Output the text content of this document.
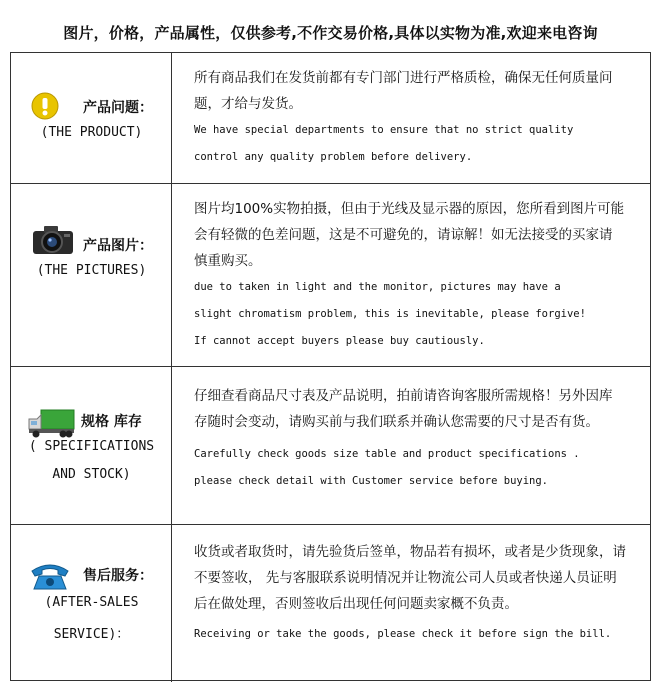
图片，价格，产品属性，仅供参考,不作交易价格,具体以实物为准,欢迎来电咨询
产品问题：
(THE PRODUCT)

所有商品我们在发货前都有专门部门进行严格质检，确保无任何质量问

题，才给与发货。

We have special departments to ensure that no strict quality

control any quality problem before delivery.

产品图片：
(THE PICTURES)

图片均100%实物拍摄，但由于光线及显示器的原因，您所看到图片可能

会有轻微的色差问题，这是不可避免的，请谅解！如无法接受的买家请

慎重购买。

due to taken in light and the monitor, pictures may have a

slight chromatism problem, this is inevitable, please forgive!

If cannot accept buyers please buy cautiously.

规格 库存
( SPECIFICATIONS
AND STOCK)

仔细查看商品尺寸表及产品说明，拍前请咨询客服所需规格！另外因库

存随时会变动，请购买前与我们联系并确认您需要的尺寸是否有货。

Carefully check goods size table and product specifications .

please check detail with Customer service before buying.

售后服务：
(AFTER-SALES
SERVICE)：

收货或者取货时，请先验货后签单，物品若有损坏，或者是少货现象，请

不要签收， 先与客服联系说明情况并让物流公司人员或者快递人员证明

后在做处理，否则签收后出现任何问题卖家概不负责。

Receiving or take the goods, please check it before sign the bill.
